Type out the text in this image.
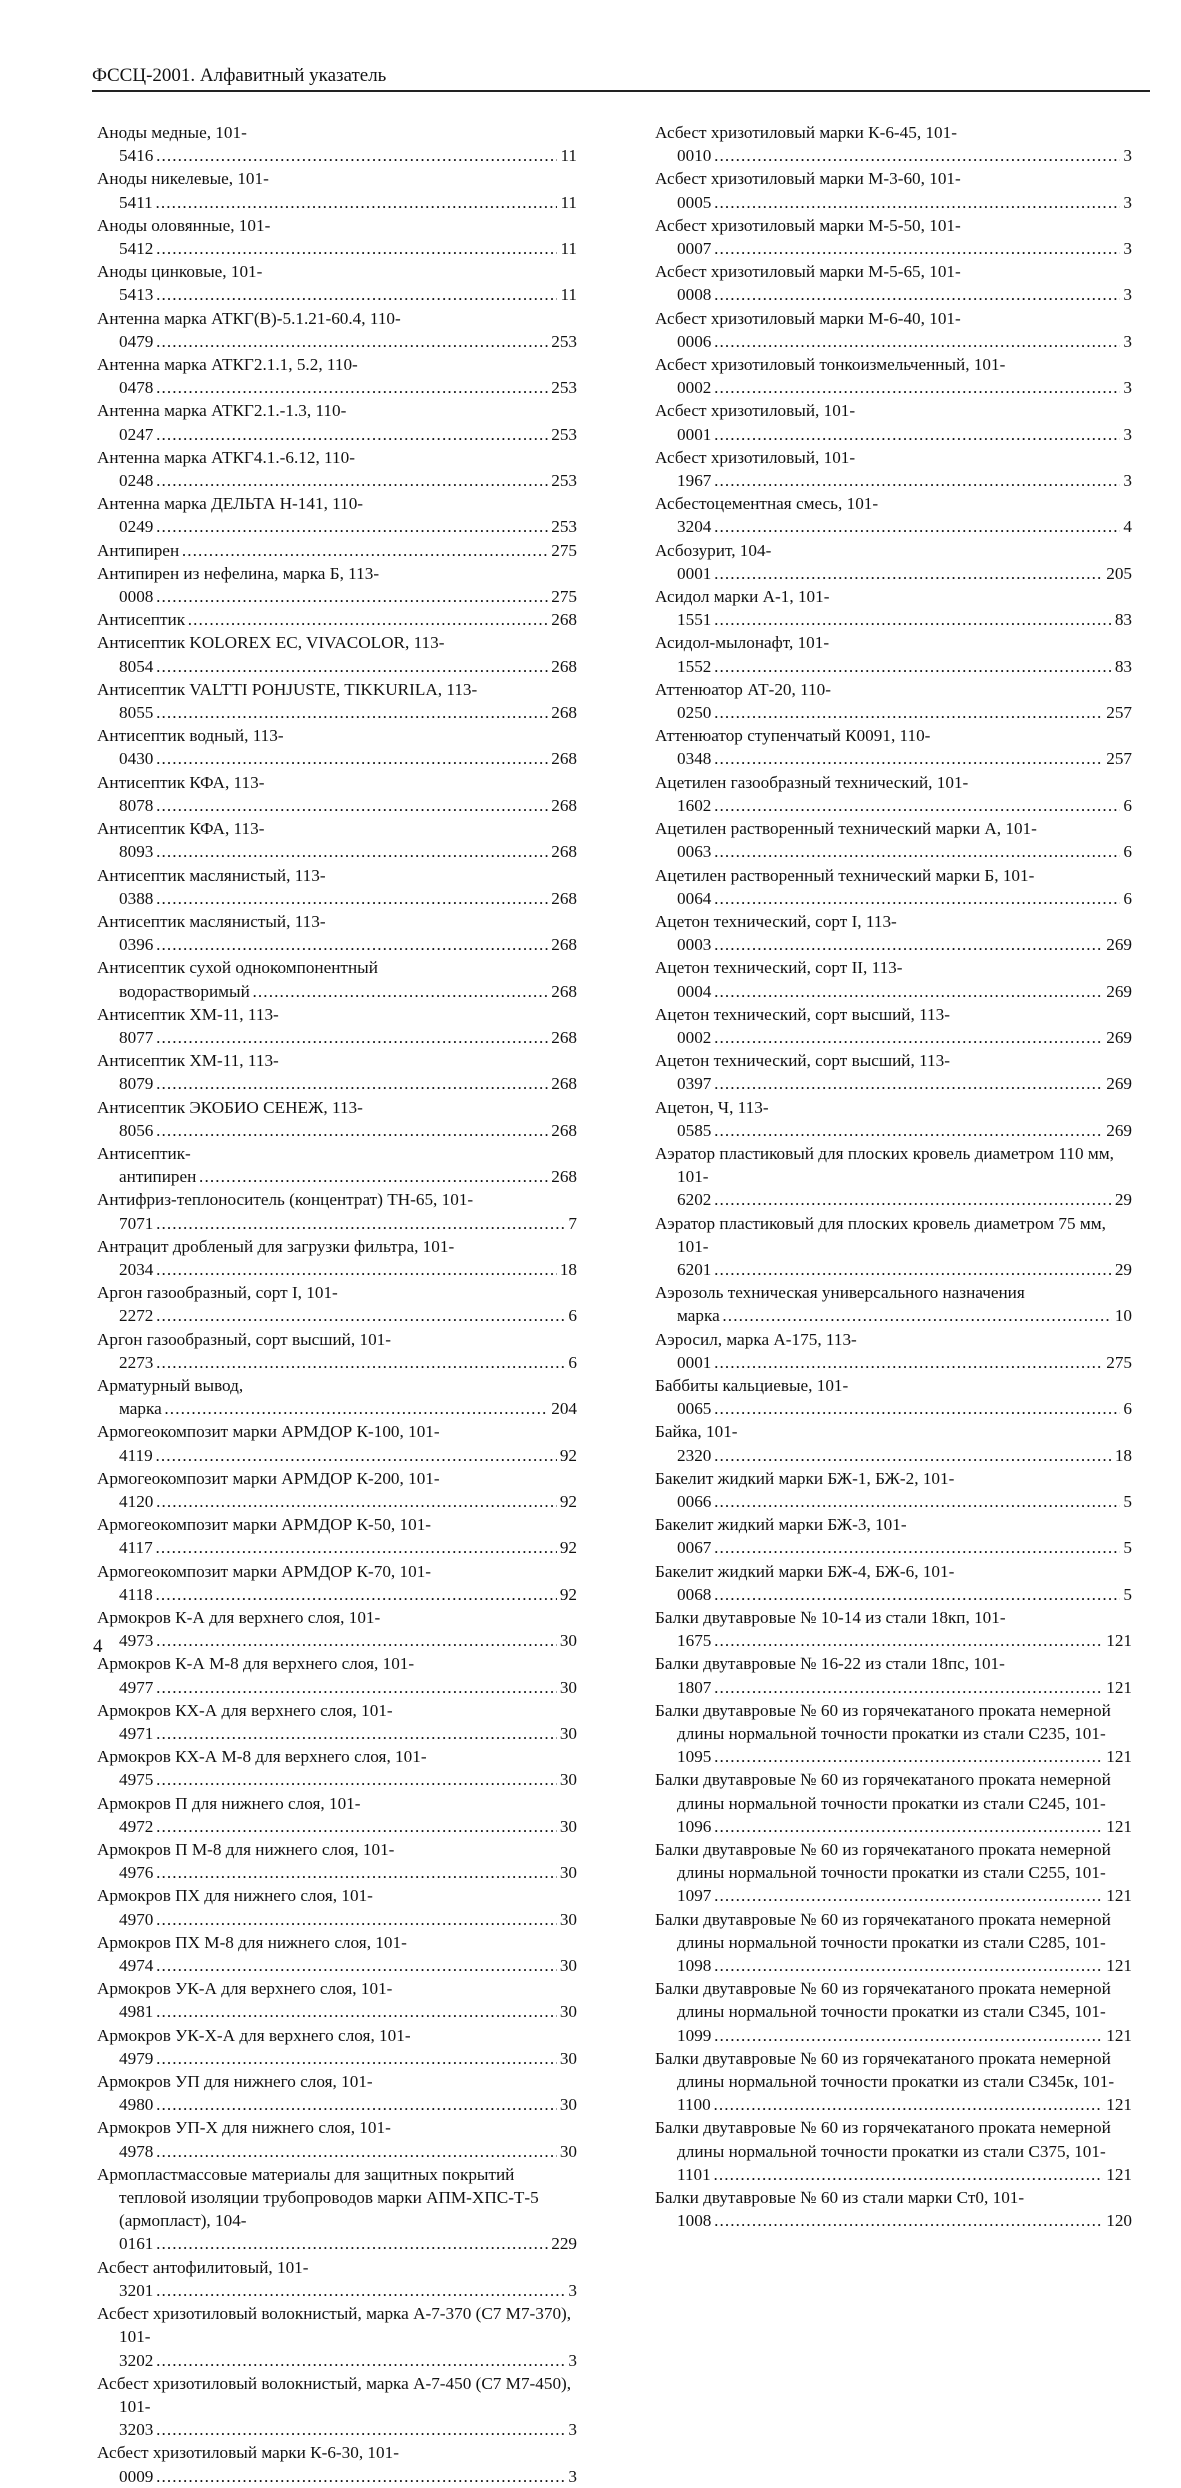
ФССЦ-2001. Алфавитный указатель
Аноды медные, 101-5416 . . .	11
Аноды никелевые, 101-5411 . . .	11
Аноды оловянные, 101-5412 . . .	11
Аноды цинковые, 101-5413 . . .	11
Антенна марка АТКГ(В)-5.1.21-60.4, 110-0479 . . .	253
Антенна марка АТКГ2.1.1, 5.2, 110-0478 . . .	253
Антенна марка АТКГ2.1.-1.3, 110-0247 . . .	253
Антенна марка АТКГ4.1.-6.12, 110-0248 . . .	253
Антенна марка ДЕЛЬТА Н-141, 110-0249 . . .	253
Антипирен . . .	275
Антипирен из нефелина, марка Б, 113-0008 . . .	275
Антисептик . . .	268
Антисептик KOLOREX EC, VIVACOLOR, 113-8054 . . .	268
Антисептик VALTTI POHJUSTE, TIKKURILA, 113-8055 . . .	268
Антисептик водный, 113-0430 . . .	268
Антисептик КФА, 113-8078 . . .	268
Антисептик КФА, 113-8093 . . .	268
Антисептик маслянистый, 113-0388 . . .	268
Антисептик маслянистый, 113-0396 . . .	268
Антисептик сухой однокомпонентный водорастворимый . . .	268
Антисептик ХМ-11, 113-8077 . . .	268
Антисептик ХМ-11, 113-8079 . . .	268
Антисептик ЭКОБИО СЕНЕЖ, 113-8056 . . .	268
Антисептик-антипирен . . .	268
Антифриз-теплоноситель (концентрат) ТН-65, 101-7071 . . .	7
Антрацит дробленый для загрузки фильтра, 101-2034 . . .	18
Аргон газообразный, сорт I, 101-2272 . . .	6
Аргон газообразный, сорт высший, 101-2273 . . .	6
Арматурный вывод, марка . . .	204
Армогеокомпозит марки АРМДОР К-100, 101-4119 . . .	92
Армогеокомпозит марки АРМДОР К-200, 101-4120 . . .	92
Армогеокомпозит марки АРМДОР К-50, 101-4117 . . .	92
Армогеокомпозит марки АРМДОР К-70, 101-4118 . . .	92
Армокров К-А для верхнего слоя, 101-4973 . . .	30
Армокров К-А М-8 для верхнего слоя, 101-4977 . . .	30
Армокров КХ-А для верхнего слоя, 101-4971 . . .	30
Армокров КХ-А М-8 для верхнего слоя, 101-4975 . . .	30
Армокров П для нижнего слоя, 101-4972 . . .	30
Армокров П М-8 для нижнего слоя, 101-4976 . . .	30
Армокров ПХ для нижнего слоя, 101-4970 . . .	30
Армокров ПХ М-8 для нижнего слоя, 101-4974 . . .	30
Армокров УК-А для верхнего слоя, 101-4981 . . .	30
Армокров УК-Х-А для верхнего слоя, 101-4979 . . .	30
Армокров УП для нижнего слоя, 101-4980 . . .	30
Армокров УП-Х для нижнего слоя, 101-4978 . . .	30
Армопластмассовые материалы для защитных покрытий тепловой изоляции трубопроводов марки АПМ-ХПС-Т-5 (армопласт), 104-0161 . . .	229
Асбест антофилитовый, 101-3201 . . .	3
Асбест хризотиловый волокнистый, марка А-7-370 (С7 М7-370), 101-3202 . . .	3
Асбест хризотиловый волокнистый, марка А-7-450 (С7 М7-450), 101-3203 . . .	3
Асбест хризотиловый марки К-6-30, 101-0009 . . .	3
Асбест хризотиловый марки К-6-45, 101-0010 . . .	3
Асбест хризотиловый марки М-3-60, 101-0005 . . .	3
Асбест хризотиловый марки М-5-50, 101-0007 . . .	3
Асбест хризотиловый марки М-5-65, 101-0008 . . .	3
Асбест хризотиловый марки М-6-40, 101-0006 . . .	3
Асбест хризотиловый тонкоизмельченный, 101-0002 . . .	3
Асбест хризотиловый, 101-0001 . . .	3
Асбест хризотиловый, 101-1967 . . .	3
Асбестоцементная смесь, 101-3204 . . .	4
Асбозурит, 104-0001 . . .	205
Асидол марки А-1, 101-1551 . . .	83
Асидол-мылонафт, 101-1552 . . .	83
Аттенюатор АТ-20, 110-0250 . . .	257
Аттенюатор ступенчатый К0091, 110-0348 . . .	257
Ацетилен газообразный технический, 101-1602 . . .	6
Ацетилен растворенный технический марки А, 101-0063 . . .	6
Ацетилен растворенный технический марки Б, 101-0064 . . .	6
Ацетон технический, сорт I, 113-0003 . . .	269
Ацетон технический, сорт II, 113-0004 . . .	269
Ацетон технический, сорт высший, 113-0002 . . .	269
Ацетон технический, сорт высший, 113-0397 . . .	269
Ацетон, Ч, 113-0585 . . .	269
Аэратор пластиковый для плоских кровель диаметром 110 мм, 101-6202 . . .	29
Аэратор пластиковый для плоских кровель диаметром 75 мм, 101-6201 . . .	29
Аэрозоль техническая универсального назначения марка . . .	10
Аэросил, марка А-175, 113-0001 . . .	275
Баббиты кальциевые, 101-0065 . . .	6
Байка, 101-2320 . . .	18
Бакелит жидкий марки БЖ-1, БЖ-2, 101-0066 . . .	5
Бакелит жидкий марки БЖ-3, 101-0067 . . .	5
Бакелит жидкий марки БЖ-4, БЖ-6, 101-0068 . . .	5
Балки двутавровые № 10-14 из стали 18кп, 101-1675 . . .	121
Балки двутавровые № 16-22 из стали 18пс, 101-1807 . . .	121
Балки двутавровые № 60 из горячекатаного проката немерной длины нормальной точности прокатки из стали С235, 101-1095 . . .	121
Балки двутавровые № 60 из горячекатаного проката немерной длины нормальной точности прокатки из стали С245, 101-1096 . . .	121
Балки двутавровые № 60 из горячекатаного проката немерной длины нормальной точности прокатки из стали С255, 101-1097 . . .	121
Балки двутавровые № 60 из горячекатаного проката немерной длины нормальной точности прокатки из стали С285, 101-1098 . . .	121
Балки двутавровые № 60 из горячекатаного проката немерной длины нормальной точности прокатки из стали С345, 101-1099 . . .	121
Балки двутавровые № 60 из горячекатаного проката немерной длины нормальной точности прокатки из стали С345к, 101-1100 . . .	121
Балки двутавровые № 60 из горячекатаного проката немерной длины нормальной точности прокатки из стали С375, 101-1101 . . .	121
Балки двутавровые № 60 из стали марки Ст0, 101-1008 . . .	120
4
